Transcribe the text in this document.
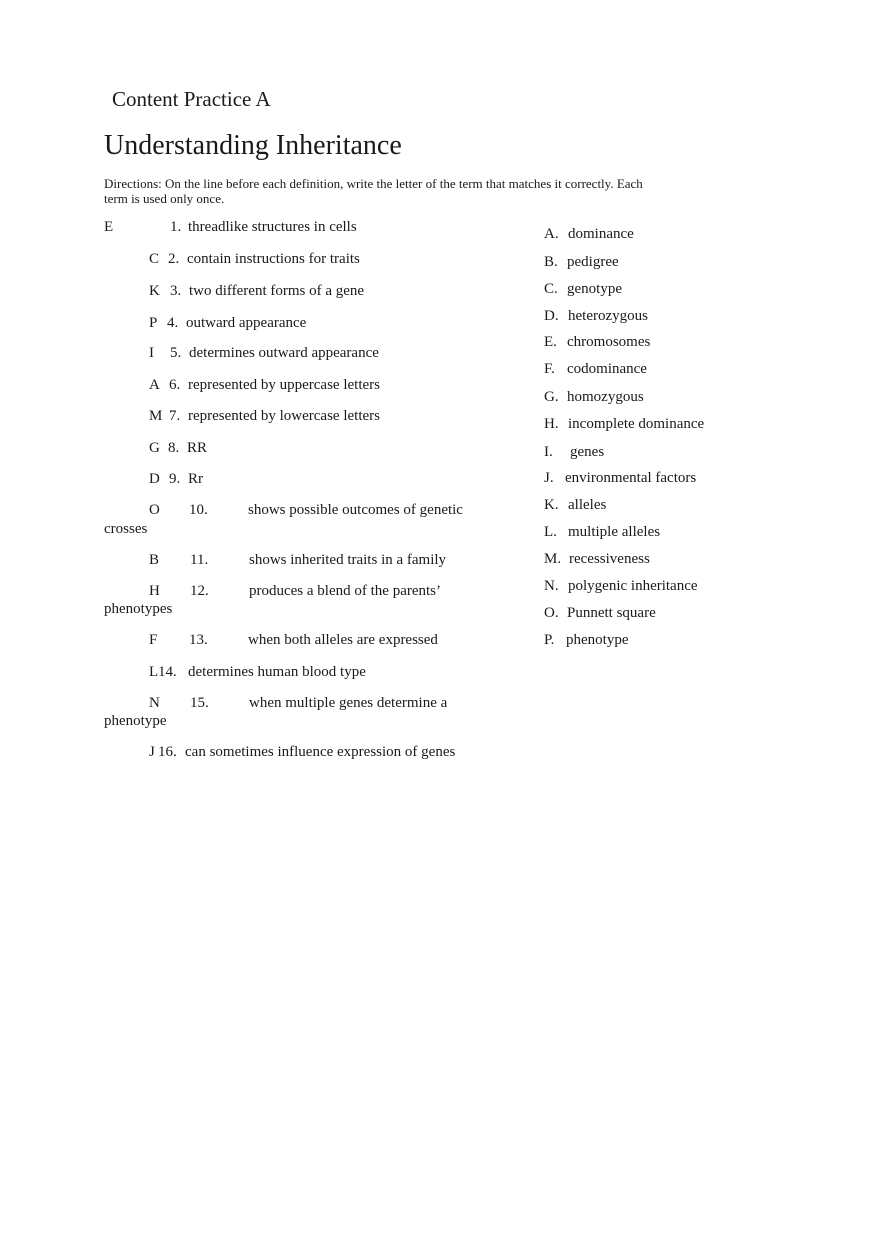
Content Practice A
Understanding Inheritance
Directions: On the line before each definition, write the letter of the term that matches it correctly. Each
term is used only once.
E	1. threadlike structures in cells
C 2. contain instructions for traits
K 3. two different forms of a gene
P 4. outward appearance
I 5. determines outward appearance
A 6. represented by uppercase letters
M 7. represented by lowercase letters
G 8. RR
D 9. Rr
O 10.	shows possible outcomes of genetic
crosses
B 11.	shows inherited traits in a family
H 12.	produces a blend of the parents’
phenotypes
F 13.	when both alleles are expressed
L 14. determines human blood type
N 15.	when multiple genes determine a
phenotype
J 16. can sometimes influence expression of genes
A. dominance
B. pedigree
C. genotype
D. heterozygous
E. chromosomes
F. codominance
G. homozygous
H. incomplete dominance
I. genes
J. environmental factors
K. alleles
L. multiple alleles
M. recessiveness
N. polygenic inheritance
O. Punnett square
P. phenotype
